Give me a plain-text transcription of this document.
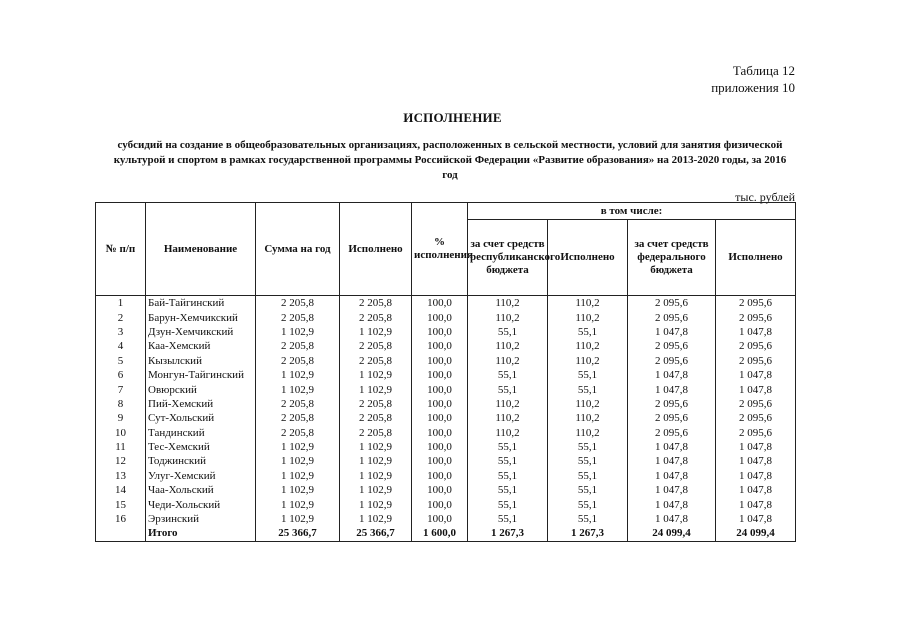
Таблица 12
приложения 10
ИСПОЛНЕНИЕ
субсидий на создание в общеобразовательных организациях, расположенных в сельской местности, условий для занятия физической культурой и спортом в рамках государственной программы Российской Федерации «Развитие образования» на 2013-2020 годы, за 2016 год
тыс. рублей
№ п/п	Наименование	Сумма на год	Исполнено	% исполнения	в том числе:			
					за счет средств республиканского бюджета	Исполнено	за счет средств федерального бюджета	Исполнено
1	Бай-Тайгинский	2 205,8	2 205,8	100,0	110,2	110,2	2 095,6	2 095,6
2	Барун-Хемчикский	2 205,8	2 205,8	100,0	110,2	110,2	2 095,6	2 095,6
3	Дзун-Хемчикский	1 102,9	1 102,9	100,0	55,1	55,1	1 047,8	1 047,8
4	Каа-Хемский	2 205,8	2 205,8	100,0	110,2	110,2	2 095,6	2 095,6
5	Кызылский	2 205,8	2 205,8	100,0	110,2	110,2	2 095,6	2 095,6
6	Монгун-Тайгинский	1 102,9	1 102,9	100,0	55,1	55,1	1 047,8	1 047,8
7	Овюрский	1 102,9	1 102,9	100,0	55,1	55,1	1 047,8	1 047,8
8	Пий-Хемский	2 205,8	2 205,8	100,0	110,2	110,2	2 095,6	2 095,6
9	Сут-Хольский	2 205,8	2 205,8	100,0	110,2	110,2	2 095,6	2 095,6
10	Тандинский	2 205,8	2 205,8	100,0	110,2	110,2	2 095,6	2 095,6
11	Тес-Хемский	1 102,9	1 102,9	100,0	55,1	55,1	1 047,8	1 047,8
12	Тоджинский	1 102,9	1 102,9	100,0	55,1	55,1	1 047,8	1 047,8
13	Улуг-Хемский	1 102,9	1 102,9	100,0	55,1	55,1	1 047,8	1 047,8
14	Чаа-Хольский	1 102,9	1 102,9	100,0	55,1	55,1	1 047,8	1 047,8
15	Чеди-Хольский	1 102,9	1 102,9	100,0	55,1	55,1	1 047,8	1 047,8
16	Эрзинский	1 102,9	1 102,9	100,0	55,1	55,1	1 047,8	1 047,8
	Итого	25 366,7	25 366,7	1 600,0	1 267,3	1 267,3	24 099,4	24 099,4
